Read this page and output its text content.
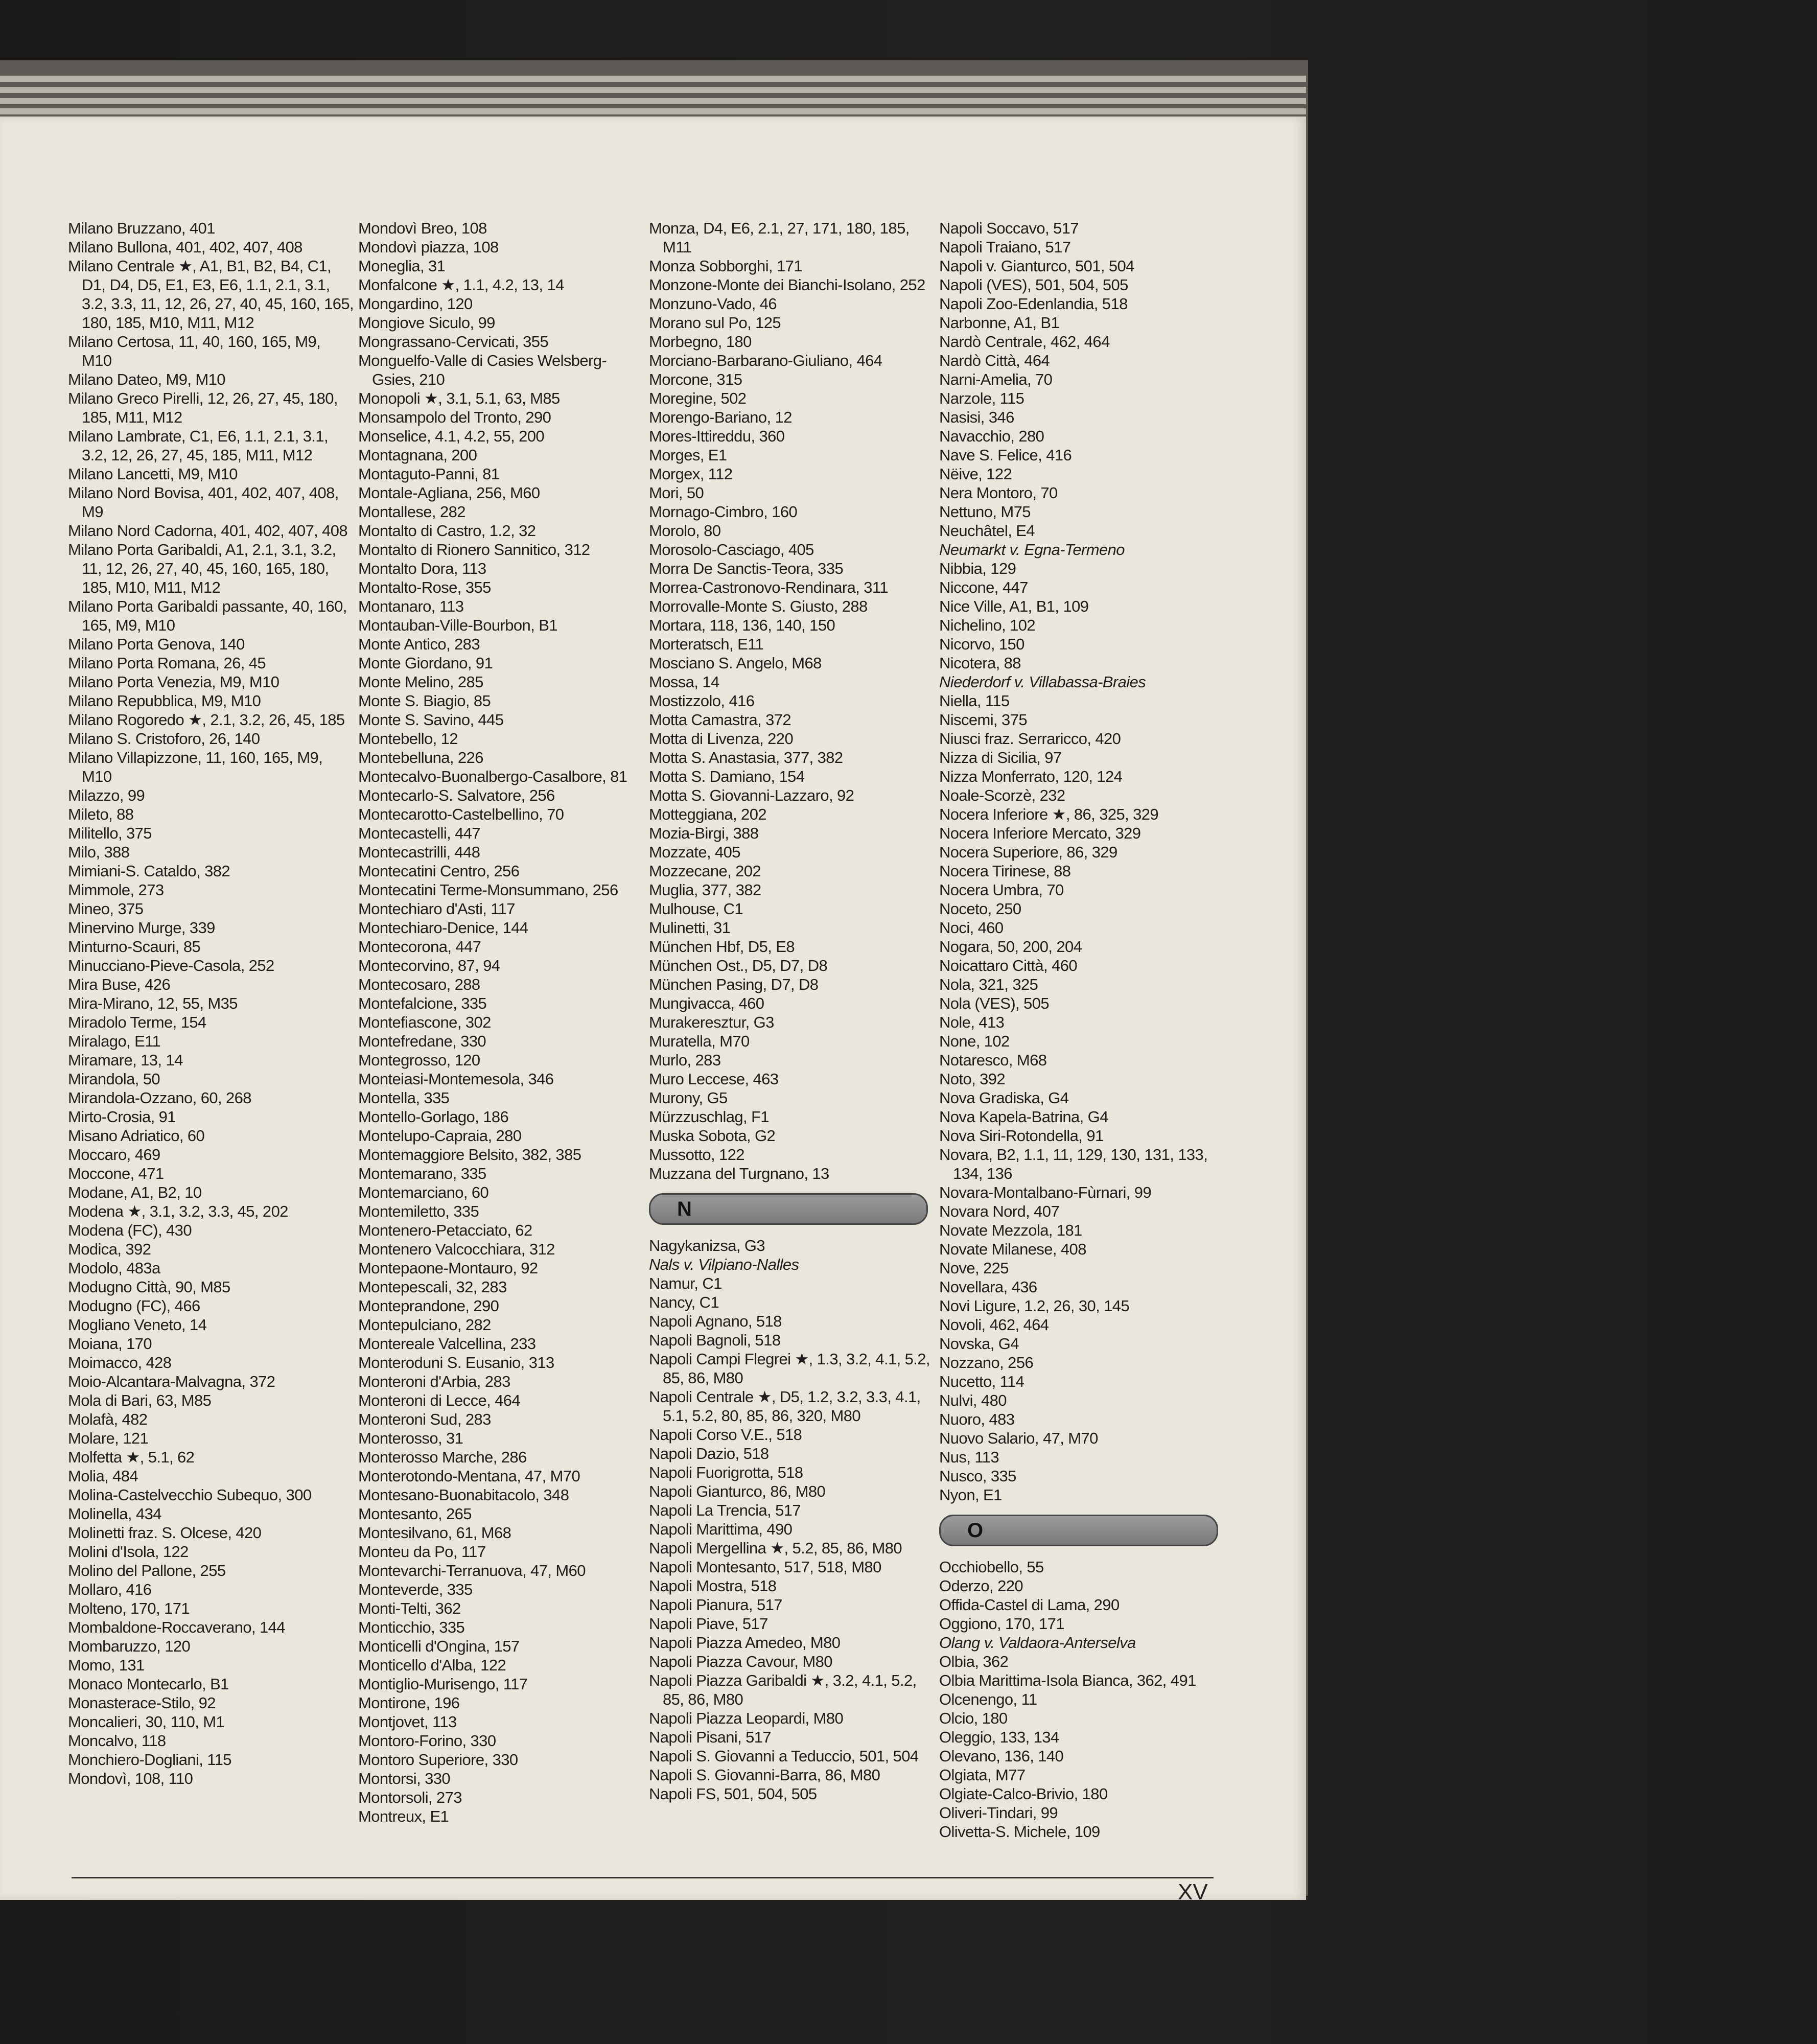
Milano Bruzzano, 401
Milano Bullona, 401, 402, 407, 408
Milano Centrale ★, A1, B1, B2, B4, C1, D1, D4, D5, E1, E3, E6, 1.1, 2.1, 3.1, 3.2, 3.3, 11, 12, 26, 27, 40, 45, 160, 165, 180, 185, M10, M11, M12
Milano Certosa, 11, 40, 160, 165, M9, M10
Milano Dateo, M9, M10
Milano Greco Pirelli, 12, 26, 27, 45, 180, 185, M11, M12
Milano Lambrate, C1, E6, 1.1, 2.1, 3.1, 3.2, 12, 26, 27, 45, 185, M11, M12
Milano Lancetti, M9, M10
Milano Nord Bovisa, 401, 402, 407, 408, M9
Milano Nord Cadorna, 401, 402, 407, 408
Milano Porta Garibaldi, A1, 2.1, 3.1, 3.2, 11, 12, 26, 27, 40, 45, 160, 165, 180, 185, M10, M11, M12
Milano Porta Garibaldi passante, 40, 160, 165, M9, M10
Milano Porta Genova, 140
Milano Porta Romana, 26, 45
Milano Porta Venezia, M9, M10
Milano Repubblica, M9, M10
Milano Rogoredo ★, 2.1, 3.2, 26, 45, 185
Milano S. Cristoforo, 26, 140
Milano Villapizzone, 11, 160, 165, M9, M10
Milazzo, 99
Mileto, 88
Militello, 375
Milo, 388
Mimiani-S. Cataldo, 382
Mimmole, 273
Mineo, 375
Minervino Murge, 339
Minturno-Scauri, 85
Minucciano-Pieve-Casola, 252
Mira Buse, 426
Mira-Mirano, 12, 55, M35
Miradolo Terme, 154
Miralago, E11
Miramare, 13, 14
Mirandola, 50
Mirandola-Ozzano, 60, 268
Mirto-Crosia, 91
Misano Adriatico, 60
Moccaro, 469
Moccone, 471
Modane, A1, B2, 10
Modena ★, 3.1, 3.2, 3.3, 45, 202
Modena (FC), 430
Modica, 392
Modolo, 483a
Modugno Città, 90, M85
Modugno (FC), 466
Mogliano Veneto, 14
Moiana, 170
Moimacco, 428
Moio-Alcantara-Malvagna, 372
Mola di Bari, 63, M85
Molafà, 482
Molare, 121
Molfetta ★, 5.1, 62
Molia, 484
Molina-Castelvecchio Subequo, 300
Molinella, 434
Molinetti fraz. S. Olcese, 420
Molini d'Isola, 122
Molino del Pallone, 255
Mollaro, 416
Molteno, 170, 171
Mombaldone-Roccaverano, 144
Mombaruzzo, 120
Momo, 131
Monaco Montecarlo, B1
Monasterace-Stilo, 92
Moncalieri, 30, 110, M1
Moncalvo, 118
Monchiero-Dogliani, 115
Mondovì, 108, 110
Mondovì Breo, 108
Mondovì piazza, 108
Moneglia, 31
Monfalcone ★, 1.1, 4.2, 13, 14
Mongardino, 120
Mongiove Siculo, 99
Mongrassano-Cervicati, 355
Monguelfo-Valle di Casies Welsberg-Gsies, 210
Monopoli ★, 3.1, 5.1, 63, M85
Monsampolo del Tronto, 290
Monselice, 4.1, 4.2, 55, 200
Montagnana, 200
Montaguto-Panni, 81
Montale-Agliana, 256, M60
Montallese, 282
Montalto di Castro, 1.2, 32
Montalto di Rionero Sannitico, 312
Montalto Dora, 113
Montalto-Rose, 355
Montanaro, 113
Montauban-Ville-Bourbon, B1
Monte Antico, 283
Monte Giordano, 91
Monte Melino, 285
Monte S. Biagio, 85
Monte S. Savino, 445
Montebello, 12
Montebelluna, 226
Montecalvo-Buonalbergo-Casalbore, 81
Montecarlo-S. Salvatore, 256
Montecarotto-Castelbellino, 70
Montecastelli, 447
Montecastrilli, 448
Montecatini Centro, 256
Montecatini Terme-Monsummano, 256
Montechiaro d'Asti, 117
Montechiaro-Denice, 144
Montecorona, 447
Montecorvino, 87, 94
Montecosaro, 288
Montefalcione, 335
Montefiascone, 302
Montefredane, 330
Montegrosso, 120
Monteiasi-Montemesola, 346
Montella, 335
Montello-Gorlago, 186
Montelupo-Capraia, 280
Montemaggiore Belsito, 382, 385
Montemarano, 335
Montemarciano, 60
Montemiletto, 335
Montenero-Petacciato, 62
Montenero Valcocchiara, 312
Montepaone-Montauro, 92
Montepescali, 32, 283
Monteprandone, 290
Montepulciano, 282
Montereale Valcellina, 233
Monteroduni S. Eusanio, 313
Monteroni d'Arbia, 283
Monteroni di Lecce, 464
Monteroni Sud, 283
Monterosso, 31
Monterosso Marche, 286
Monterotondo-Mentana, 47, M70
Montesano-Buonabitacolo, 348
Montesanto, 265
Montesilvano, 61, M68
Monteu da Po, 117
Montevarchi-Terranuova, 47, M60
Monteverde, 335
Monti-Telti, 362
Monticchio, 335
Monticelli d'Ongina, 157
Monticello d'Alba, 122
Montiglio-Murisengo, 117
Montirone, 196
Montjovet, 113
Montoro-Forino, 330
Montoro Superiore, 330
Montorsi, 330
Montorsoli, 273
Montreux, E1
Monza, D4, E6, 2.1, 27, 171, 180, 185, M11
Monza Sobborghi, 171
Monzone-Monte dei Bianchi-Isolano, 252
Monzuno-Vado, 46
Morano sul Po, 125
Morbegno, 180
Morciano-Barbarano-Giuliano, 464
Morcone, 315
Moregine, 502
Morengo-Bariano, 12
Mores-Ittireddu, 360
Morges, E1
Morgex, 112
Mori, 50
Mornago-Cimbro, 160
Morolo, 80
Morosolo-Casciago, 405
Morra De Sanctis-Teora, 335
Morrea-Castronovo-Rendinara, 311
Morrovalle-Monte S. Giusto, 288
Mortara, 118, 136, 140, 150
Morteratsch, E11
Mosciano S. Angelo, M68
Mossa, 14
Mostizzolo, 416
Motta Camastra, 372
Motta di Livenza, 220
Motta S. Anastasia, 377, 382
Motta S. Damiano, 154
Motta S. Giovanni-Lazzaro, 92
Motteggiana, 202
Mozia-Birgi, 388
Mozzate, 405
Mozzecane, 202
Muglia, 377, 382
Mulhouse, C1
Mulinetti, 31
München Hbf, D5, E8
München Ost., D5, D7, D8
München Pasing, D7, D8
Mungivacca, 460
Murakeresztur, G3
Muratella, M70
Murlo, 283
Muro Leccese, 463
Murony, G5
Mürzzuschlag, F1
Muska Sobota, G2
Mussotto, 122
Muzzana del Turgnano, 13
N
Nagykanizsa, G3
Nals v. Vilpiano-Nalles
Namur, C1
Nancy, C1
Napoli Agnano, 518
Napoli Bagnoli, 518
Napoli Campi Flegrei ★, 1.3, 3.2, 4.1, 5.2, 85, 86, M80
Napoli Centrale ★, D5, 1.2, 3.2, 3.3, 4.1, 5.1, 5.2, 80, 85, 86, 320, M80
Napoli Corso V.E., 518
Napoli Dazio, 518
Napoli Fuorigrotta, 518
Napoli Gianturco, 86, M80
Napoli La Trencia, 517
Napoli Marittima, 490
Napoli Mergellina ★, 5.2, 85, 86, M80
Napoli Montesanto, 517, 518, M80
Napoli Mostra, 518
Napoli Pianura, 517
Napoli Piave, 517
Napoli Piazza Amedeo, M80
Napoli Piazza Cavour, M80
Napoli Piazza Garibaldi ★, 3.2, 4.1, 5.2, 85, 86, M80
Napoli Piazza Leopardi, M80
Napoli Pisani, 517
Napoli S. Giovanni a Teduccio, 501, 504
Napoli S. Giovanni-Barra, 86, M80
Napoli FS, 501, 504, 505
Napoli Soccavo, 517
Napoli Traiano, 517
Napoli v. Gianturco, 501, 504
Napoli (VES), 501, 504, 505
Napoli Zoo-Edenlandia, 518
Narbonne, A1, B1
Nardò Centrale, 462, 464
Nardò Città, 464
Narni-Amelia, 70
Narzole, 115
Nasisi, 346
Navacchio, 280
Nave S. Felice, 416
Nëive, 122
Nera Montoro, 70
Nettuno, M75
Neuchâtel, E4
Neumarkt v. Egna-Termeno
Nibbia, 129
Niccone, 447
Nice Ville, A1, B1, 109
Nichelino, 102
Nicorvo, 150
Nicotera, 88
Niederdorf v. Villabassa-Braies
Niella, 115
Niscemi, 375
Niusci fraz. Serraricco, 420
Nizza di Sicilia, 97
Nizza Monferrato, 120, 124
Noale-Scorzè, 232
Nocera Inferiore ★, 86, 325, 329
Nocera Inferiore Mercato, 329
Nocera Superiore, 86, 329
Nocera Tirinese, 88
Nocera Umbra, 70
Noceto, 250
Noci, 460
Nogara, 50, 200, 204
Noicattaro Città, 460
Nola, 321, 325
Nola (VES), 505
Nole, 413
None, 102
Notaresco, M68
Noto, 392
Nova Gradiska, G4
Nova Kapela-Batrina, G4
Nova Siri-Rotondella, 91
Novara, B2, 1.1, 11, 129, 130, 131, 133, 134, 136
Novara-Montalbano-Fùrnari, 99
Novara Nord, 407
Novate Mezzola, 181
Novate Milanese, 408
Nove, 225
Novellara, 436
Novi Ligure, 1.2, 26, 30, 145
Novoli, 462, 464
Novska, G4
Nozzano, 256
Nucetto, 114
Nulvi, 480
Nuoro, 483
Nuovo Salario, 47, M70
Nus, 113
Nusco, 335
Nyon, E1
O
Occhiobello, 55
Oderzo, 220
Offida-Castel di Lama, 290
Oggiono, 170, 171
Olang v. Valdaora-Anterselva
Olbia, 362
Olbia Marittima-Isola Bianca, 362, 491
Olcenengo, 11
Olcio, 180
Oleggio, 133, 134
Olevano, 136, 140
Olgiata, M77
Olgiate-Calco-Brivio, 180
Oliveri-Tindari, 99
Olivetta-S. Michele, 109
XV
